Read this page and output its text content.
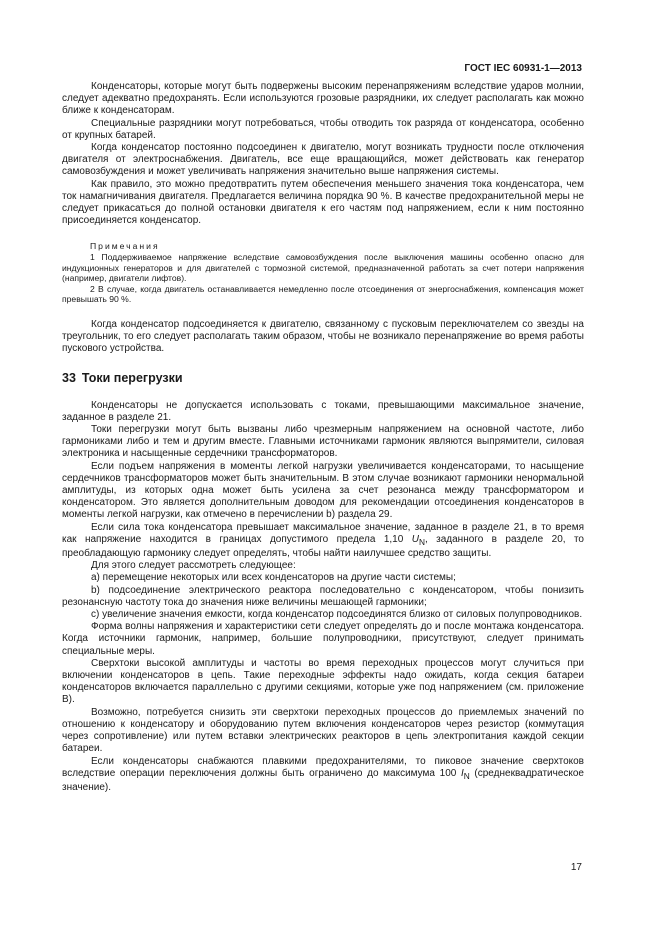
ГОСТ IEC 60931-1—2013

Конденсаторы, которые могут быть подвержены высоким перенапряжениям вследствие ударов молнии, следует адекватно предохранять. Если используются грозовые разрядники, их следует располагать как можно ближе к конденсаторам.

Специальные разрядники могут потребоваться, чтобы отводить ток разряда от конденсатора, особенно от крупных батарей.

Когда конденсатор постоянно подсоединен к двигателю, могут возникать трудности после отключения двигателя от электроснабжения. Двигатель, все еще вращающийся, может действовать как генератор самовозбуждения и может увеличивать напряжения значительно выше напряжения системы.

Как правило, это можно предотвратить путем обеспечения меньшего значения тока конденсатора, чем ток намагничивания двигателя. Предлагается величина порядка 90 %. В качестве предохранительной меры не следует прикасаться до полной остановки двигателя к его частям под напряжением, если к ним постоянно присоединяется конденсатор.

Примечания

1 Поддерживаемое напряжение вследствие самовозбуждения после выключения машины особенно опасно для индукционных генераторов и для двигателей с тормозной системой, предназначенной работать за счет потери напряжения (например, двигатели лифтов).

2 В случае, когда двигатель останавливается немедленно после отсоединения от энергоснабжения, компенсация может превышать 90 %.

Когда конденсатор подсоединяется к двигателю, связанному с пусковым переключателем со звезды на треугольник, то его следует располагать таким образом, чтобы не возникало перенапряжение во время работы пускового устройства.

33 Токи перегрузки

Конденсаторы не допускается использовать с токами, превышающими максимальное значение, заданное в разделе 21.

Токи перегрузки могут быть вызваны либо чрезмерным напряжением на основной частоте, либо гармониками либо и тем и другим вместе. Главными источниками гармоник являются выпрямители, силовая электроника и насыщенные сердечники трансформаторов.

Если подъем напряжения в моменты легкой нагрузки увеличивается конденсаторами, то насыщение сердечников трансформаторов может быть значительным. В этом случае возникают гармоники ненормальной амплитуды, из которых одна может быть усилена за счет резонанса между трансформатором и конденсатором. Это является дополнительным доводом для рекомендации отсоединения конденсаторов в моменты легкой нагрузки, как отмечено в перечислении b) раздела 29.

Если сила тока конденсатора превышает максимальное значение, заданное в разделе 21, в то время как напряжение находится в границах допустимого предела 1,10 $U_N$, заданного в разделе 20, то преобладающую гармонику следует определять, чтобы найти наилучшее средство защиты.

Для этого следует рассмотреть следующее:

a) перемещение некоторых или всех конденсаторов на другие части системы;

b) подсоединение электрического реактора последовательно с конденсатором, чтобы понизить резонансную частоту тока до значения ниже величины мешающей гармоники;

c) увеличение значения емкости, когда конденсатор подсоединятся близко от силовых полупроводников.

Форма волны напряжения и характеристики сети следует определять до и после монтажа конденсатора. Когда источники гармоник, например, большие полупроводники, присутствуют, следует принимать специальные меры.

Сверхтоки высокой амплитуды и частоты во время переходных процессов могут случиться при включении конденсаторов в цепь. Такие переходные эффекты надо ожидать, когда секция батареи конденсаторов включается параллельно с другими секциями, которые уже под напряжением (см. приложение В).

Возможно, потребуется снизить эти сверхтоки переходных процессов до приемлемых значений по отношению к конденсатору и оборудованию путем включения конденсаторов через резистор (коммутация через сопротивление) или путем вставки электрических реакторов в цепь электропитания каждой секции батареи.

Если конденсаторы снабжаются плавкими предохранителями, то пиковое значение сверхтоков вследствие операции переключения должны быть ограничено до максимума 100 $I_N$ (среднеквадратическое значение).

17
